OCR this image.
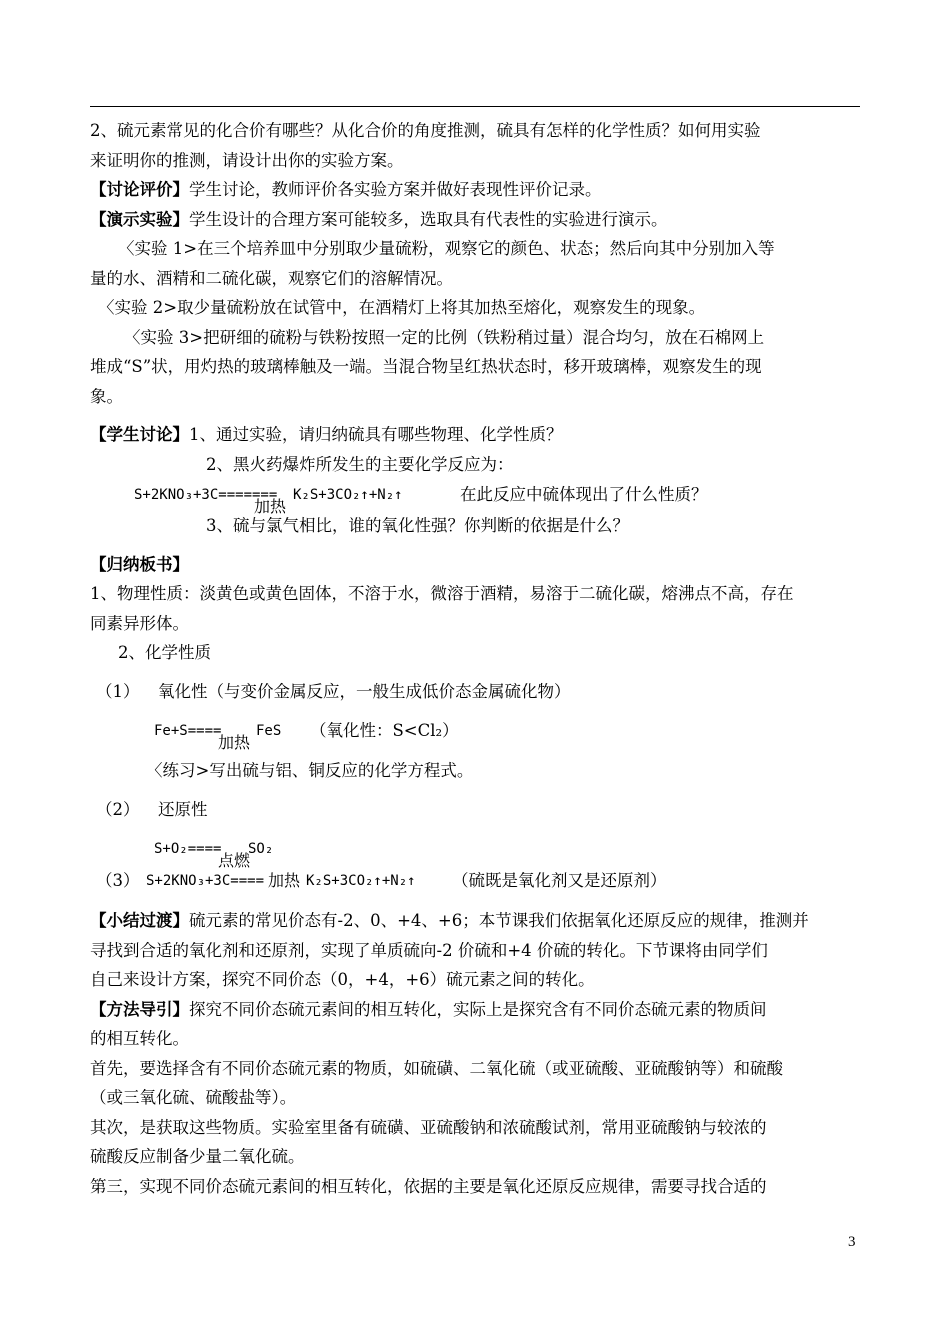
2、硫元素常见的化合价有哪些？从化合价的角度推测，硫具有怎样的化学性质？如何用实验

来证明你的推测，请设计出你的实验方案。

【讨论评价】学生讨论，教师评价各实验方案并做好表现性评价记录。

【演示实验】学生设计的合理方案可能较多，选取具有代表性的实验进行演示。

〈实验 1>在三个培养皿中分别取少量硫粉，观察它的颜色、状态；然后向其中分别加入等

量的水、酒精和二硫化碳，观察它们的溶解情况。

〈实验 2>取少量硫粉放在试管中，在酒精灯上将其加热至熔化，观察发生的现象。

〈实验 3>把研细的硫粉与铁粉按照一定的比例（铁粉稍过量）混合均匀，放在石棉网上

堆成“S”状，用灼热的玻璃棒触及一端。当混合物呈红热状态时，移开玻璃棒，观察发生的现

象。

【学生讨论】1、通过实验，请归纳硫具有哪些物理、化学性质？

2、黑火药爆炸所发生的主要化学反应为：

S+2KNO₃+3C======= K₂S+3CO₂↑+N₂↑
加热
在此反应中硫体现出了什么性质？

3、硫与氯气相比，谁的氧化性强？你判断的依据是什么？

【归纳板书】

1、物理性质：淡黄色或黄色固体，不溶于水，微溶于酒精，易溶于二硫化碳，熔沸点不高，存在

同素异形体。

2、化学性质

（1） 氧化性（与变价金属反应，一般生成低价态金属硫化物）

Fe+S==== FeS
加热
（氧化性：S<Cl₂）

〈练习>写出硫与铝、铜反应的化学方程式。

（2） 还原性

S+O₂==== SO₂
点燃
（3） S+2KNO₃+3C====	K₂S+3CO₂↑+N₂↑
加热	（硫既是氧化剂又是还原剂）

【小结过渡】硫元素的常见价态有-2、0、+4、+6；本节课我们依据氧化还原反应的规律，推测并

寻找到合适的氧化剂和还原剂，实现了单质硫向-2 价硫和+4 价硫的转化。下节课将由同学们

自己来设计方案，探究不同价态（0，+4，+6）硫元素之间的转化。

【方法导引】探究不同价态硫元素间的相互转化，实际上是探究含有不同价态硫元素的物质间

的相互转化。

首先，要选择含有不同价态硫元素的物质，如硫磺、二氧化硫（或亚硫酸、亚硫酸钠等）和硫酸

（或三氧化硫、硫酸盐等）。

其次，是获取这些物质。实验室里备有硫磺、亚硫酸钠和浓硫酸试剂，常用亚硫酸钠与较浓的

硫酸反应制备少量二氧化硫。

第三，实现不同价态硫元素间的相互转化，依据的主要是氧化还原反应规律，需要寻找合适的

3
